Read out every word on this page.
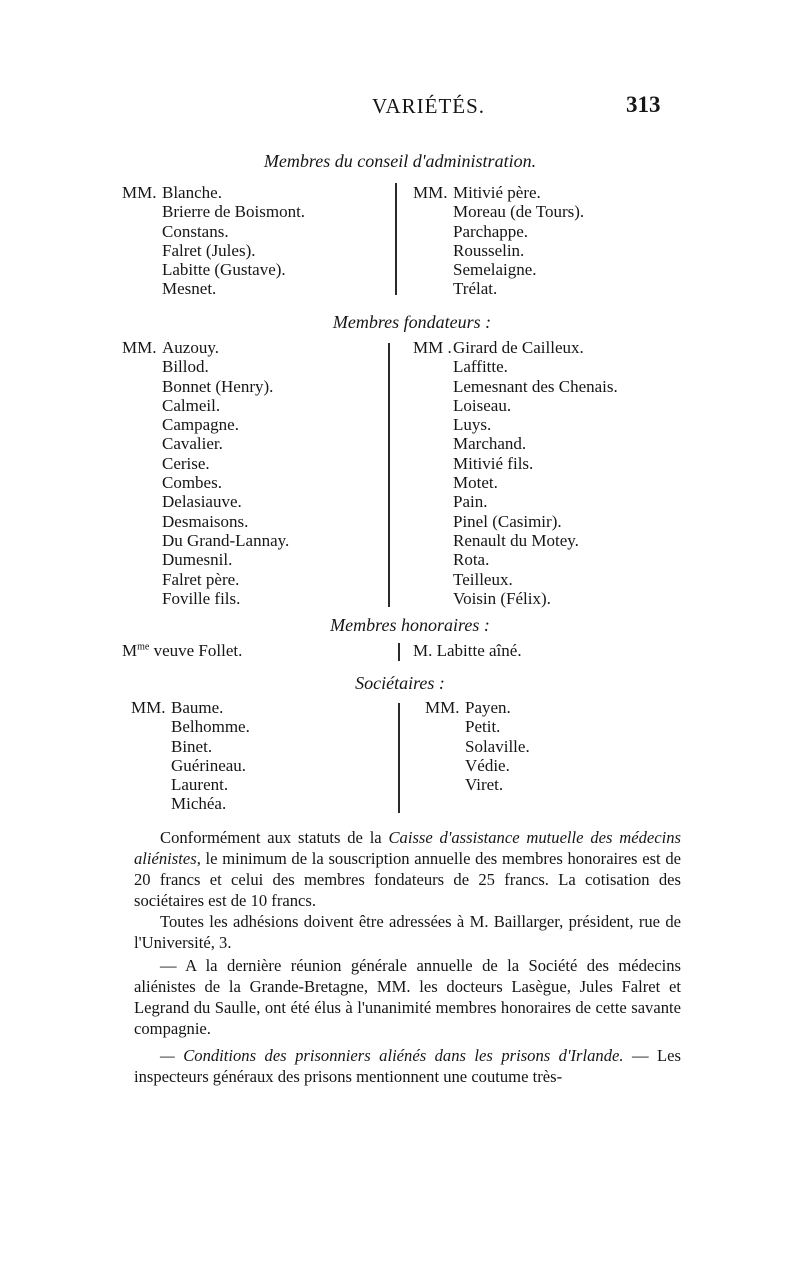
VARIÉTÉS.	313
Membres du conseil d'administration.
MM. Blanche.
Brierre de Boismont.
Constans.
Falret (Jules).
Labitte (Gustave).
Mesnet.
MM. Mitivié père.
Moreau (de Tours).
Parchappe.
Rousselin.
Semelaigne.
Trélat.
Membres fondateurs :
MM. Auzouy.
Billod.
Bonnet (Henry).
Calmeil.
Campagne.
Cavalier.
Cerise.
Combes.
Delasiauve.
Desmaisons.
Du Grand-Lannay.
Dumesnil.
Falret père.
Foville fils.
MM .Girard de Cailleux.
Laffitte.
Lemesnant des Chenais.
Loiseau.
Luys.
Marchand.
Mitivié fils.
Motet.
Pain.
Pinel (Casimir).
Renault du Motey.
Rota.
Teilleux.
Voisin (Félix).
Membres honoraires :
$M^{me}$ veuve Follet.	M. Labitte aîné.
Sociétaires :
MM. Baume.
Belhomme.
Binet.
Guérineau.
Laurent.
Michéa.
MM. Payen.
Petit.
Solaville.
Védie.
Viret.

Conformément aux statuts de la Caisse d'assistance mutuelle des médecins aliénistes, le minimum de la souscription annuelle des membres honoraires est de 20 francs et celui des membres fondateurs de 25 francs. La cotisation des sociétaires est de 10 francs.

Toutes les adhésions doivent être adressées à M. Baillarger, président, rue de l'Université, 3.

— A la dernière réunion générale annuelle de la Société des médecins aliénistes de la Grande-Bretagne, MM. les docteurs Lasègue, Jules Falret et Legrand du Saulle, ont été élus à l'unanimité membres honoraires de cette savante compagnie.

— Conditions des prisonniers aliénés dans les prisons d'Irlande. — Les inspecteurs généraux des prisons mentionnent une coutume très-
